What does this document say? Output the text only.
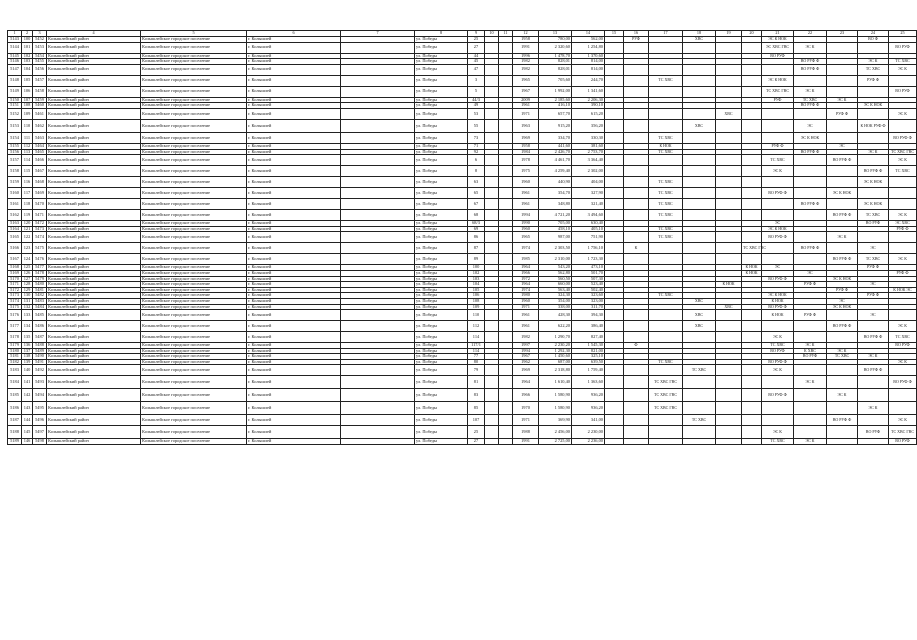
1	2	3	4	5	6	7	8	9	10	11	12	13	14	15	16	17	18	19	20	21	22	23	24	25
5143	100	5452	Колышлейский район	Колышлейское городское поселение	г. Колышлей		ул. Победы	25			1958	780,00	562,00		РУФ		ХВС			ЭС К НОК			ВО Ф	
5144	101	5453	Колышлейский район	Колышлейское городское поселение	г. Колышлей		ул. Победы	27			1991	2 320,60	1 254,80							ЭС ХВС ГВС	ЭС К			ВО РУФ
5145	102	5454	Колышлейский район	Колышлейское городское поселение	г. Колышлей		ул. Победы	44			1996	1 478,70	1 370,60							ВО РУФ				
5146	103	5455	Колышлейский район	Колышлейское городское поселение	г. Колышлей		ул. Победы	45			1982	828,01	814,00								ВО РУФ Ф		ЭС К	ТС ХВС
5147	104	5456	Колышлейский район	Колышлейское городское поселение	г. Колышлей		ул. Победы	47			1982	828,01	814,00								ВО РУФ Ф		ТС ХВС	ЭС К
5148	105	5457	Колышлейский район	Колышлейское городское поселение	г. Колышлей		ул. Победы	3			1965	705,60	244,70			ТС ХВС				ЭС К НОК			РУФ Ф	
5149	106	5458	Колышлейский район	Колышлейское городское поселение	г. Колышлей		ул. Победы	5			1967	1 992,00	1 341,60							ТС ХВС ГВС	ЭС К			ВО РУФ
5150	107	5459	Колышлейский район	Колышлейское городское поселение	г. Колышлей		ул. Победы	44/3			2009	2 185,60	2 206,30							РУФ	ТС ХВС	ЭС К		
5151	108	5460	Колышлейский район	Колышлейское городское поселение	г. Колышлей		ул. Победы	49			1961	416,10	390,10								ВО РУФ Ф		ЭС К НОК	
5152	109	5461	Колышлейский район	Колышлейское городское поселение	г. Колышлей		ул. Победы	53			1971	657,70	615,20					ХВС				РУФ Ф		ЭС К
5153	110	5462	Колышлейский район	Колышлейское городское поселение	г. Колышлей		ул. Победы	55			1963	915,20	356,20				ХВС				ЭС		К НОК РУФ Ф	
5154	111	5463	Колышлейский район	Колышлейское городское поселение	г. Колышлей		ул. Победы	73			1969	334,70	330,30			ТС ХВС					ЭС К НОК			ВО РУФ Ф
5155	112	5464	Колышлейский район	Колышлейское городское поселение	г. Колышлей		ул. Победы	71			1958	441,60	381,60			К НОК				РУФ Ф		ЭС		
5156	113	5465	Колышлейский район	Колышлейское городское поселение	г. Колышлей		ул. Победы	92			1984	2 426,70	2 753,70			ТС ХВС					ВО РУФ Ф		ЭС К	ТС ХВС ГВС
5157	114	5466	Колышлейский район	Колышлейское городское поселение	г. Колышлей		ул. Победы	6			1978	4 461,70	3 364,40							ТС ХВС		ВО РУФ Ф		ЭС К
5158	115	5467	Колышлейский район	Колышлейское городское поселение	г. Колышлей		ул. Победы	8			1975	4 259,40	2 302,00							ЭС К			ВО РУФ Ф	ТС ХВС
5159	116	5468	Колышлейский район	Колышлейское городское поселение	г. Колышлей		ул. Победы	63			1960	440,90	404,00			ТС ХВС							ЭС К НОК	
5160	117	5469	Колышлейский район	Колышлейское городское поселение	г. Колышлей		ул. Победы	65			1961	354,70	327,90			ТС ХВС				ВО РУФ Ф		ЭС К НОК		
5161	118	5470	Колышлейский район	Колышлейское городское поселение	г. Колышлей		ул. Победы	67			1961	348,80	321,40			ТС ХВС					ВО РУФ Ф		ЭС К НОК	
5162	119	5471	Колышлейский район	Колышлейское городское поселение	г. Колышлей		ул. Победы	68			1994	4 721,20	3 494,60			ТС ХВС						ВО РУФ Ф	ТС ХВС	ЭС К
5163	120	5472	Колышлейский район	Колышлейское городское поселение	г. Колышлей		ул. Победы	68/3			1990	705,00	630,40							ЭС			ВО РУФ	ЭС ХВС
5164	121	5473	Колышлейский район	Колышлейское городское поселение	г. Колышлей		ул. Победы	69			1960	458,10	405,10			ТС ХВС				ЭС К НОК				РУФ Ф
5165	122	5474	Колышлейский район	Колышлейское городское поселение	г. Колышлей		ул. Победы	86			1965	987,00	751,90			ТС ХВС				ВО РУФ Ф		ЭС К		
5166	123	5475	Колышлейский район	Колышлейское городское поселение	г. Колышлей		ул. Победы	87			1974	2 303,50	1 756,10		К				ТС ХВС ГВС		ВО РУФ Ф		ЭС	
5167	124	5476	Колышлейский район	Колышлейское городское поселение	г. Колышлей		ул. Победы	89			1985	2 310,00	1 723,30									ВО РУФ Ф	ТС ХВС	ЭС К
5168	125	5477	Колышлейский район	Колышлейское городское поселение	г. Колышлей		ул. Победы	100			1964	543,20	473,10						К НОК	ЭС			РУФ Ф	
5169	126	5478	Колышлейский район	Колышлейское городское поселение	г. Колышлей		ул. Победы	102			1966	562,80	501,70						К НОК		ЭС			РУФ Ф
5170	127	5479	Колышлейский район	Колышлейское городское поселение	г. Колышлей		ул. Победы	103			1972	560,50	507,30							ВО РУФ Ф		ЭС К НОК		
5171	128	5480	Колышлейский район	Колышлейское городское поселение	г. Колышлей		ул. Победы	104			1964	660,00	523,40					К НОК			РУФ Ф		ЭС	
5172	129	5481	Колышлейский район	Колышлейское городское поселение	г. Колышлей		ул. Победы	105			1974	563,40	502,40									РУФ Ф		К НОК ЭС
5173	130	5482	Колышлейский район	Колышлейское городское поселение	г. Колышлей		ул. Победы	106			1980	324,30	323,60			ТС ХВС				ЭС К НОК			РУФ Ф	
5174	131	5483	Колышлейский район	Колышлейское городское поселение	г. Колышлей		ул. Победы	108			1960	354,00	323,00				ХВС			К НОК		ЭС		
5175	132	5484	Колышлейский район	Колышлейское городское поселение	г. Колышлей		ул. Победы	109			1971	338,00	311,70					ХВС		ВО РУФ Ф		ЭС К НОК		
5176	133	5485	Колышлейский район	Колышлейское городское поселение	г. Колышлей		ул. Победы	110			1961	428,30	394,30				ХВС			К НОК	РУФ Ф		ЭС	
5177	134	5486	Колышлейский район	Колышлейское городское поселение	г. Колышлей		ул. Победы	112			1961	622,20	386,40				ХВС					ВО РУФ Ф		ЭС К
5178	135	5487	Колышлейский район	Колышлейское городское поселение	г. Колышлей		ул. Победы	114			1982	1 290,70	827,40							ЭС К			ВО РУФ Ф	ТС ХВС
5179	136	5488	Колышлейский район	Колышлейское городское поселение	г. Колышлей		ул. Победы	117/1			1997	2 230,20	1 545,30		Ф					ТС ХВС	ЭС К			ВО РУФ
5180	137	5489	Колышлейский район	Колышлейское городское поселение	г. Колышлей		ул. Победы	114			1994	1 292,30	821,00							ВО РУФ	К ХВС	ЭС К		
5181	138	5490	Колышлейский район	Колышлейское городское поселение	г. Колышлей		ул. Победы	77			1967	1 450,60	325,10								ВО РУФ	ТС ХВС	ЭС К	
5182	139	5491	Колышлейский район	Колышлейское городское поселение	г. Колышлей		ул. Победы	80			1962	687,00	639,50			ТС ХВС				ВО РУФ Ф				ЭС К
5183	140	5492	Колышлейский район	Колышлейское городское поселение	г. Колышлей		ул. Победы	79			1969	2 318,80	1 759,40				ТС ХВС			ЭС К			ВО РУФ Ф	
5184	141	5493	Колышлейский район	Колышлейское городское поселение	г. Колышлей		ул. Победы	81			1964	1 610,40	1 363,60			ТС ХВС ГВС					ЭС К			ВО РУФ Ф
5185	142	5494	Колышлейский район	Колышлейское городское поселение	г. Колышлей		ул. Победы	83			1966	1 580,90	936,20			ТС ХВС ГВС				ВО РУФ Ф		ЭС К		
5186	143	5495	Колышлейский район	Колышлейское городское поселение	г. Колышлей		ул. Победы	85			1970	1 580,90	936,20			ТС ХВС ГВС							ЭС К	
5187	144	5496	Колышлейский район	Колышлейское городское поселение	г. Колышлей		ул. Победы	107			1971	369,90	341,00				ТС ХВС					ВО РУФ Ф		ЭС К
5188	145	5497	Колышлейский район	Колышлейское городское поселение	г. Колышлей		ул. Победы	25			1988	2 456,00	2 230,00							ЭС К			ВО РУФ	ТС ХВС ГВС
5189	146	5498	Колышлейский район	Колышлейское городское поселение	г. Колышлей		ул. Победы	27			1991	2 725,00	2 236,00							ТС ХВС	ЭС К			ВО РУФ
